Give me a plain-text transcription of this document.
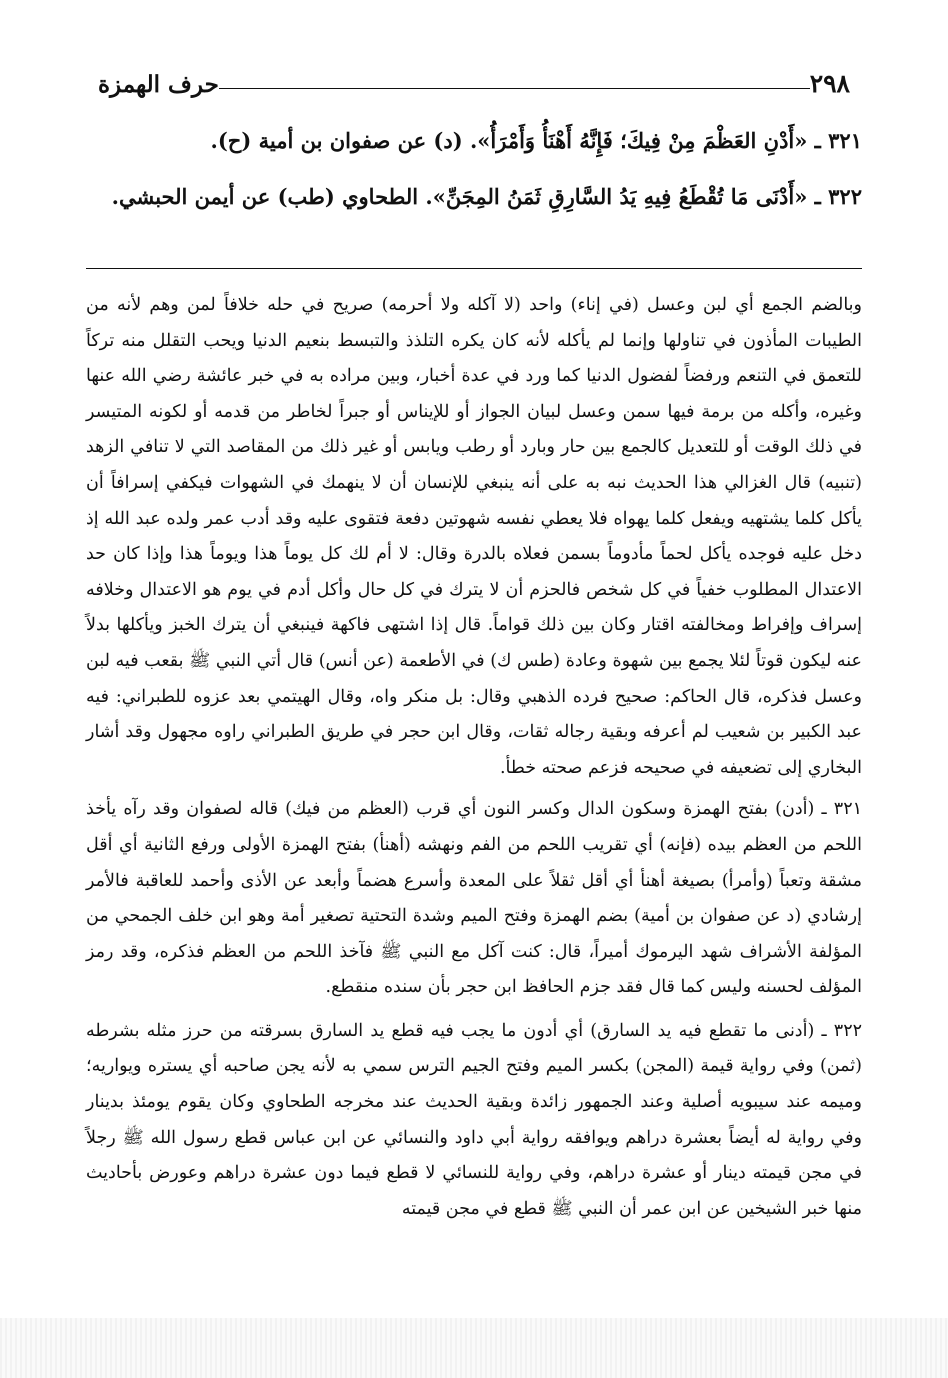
٢٩٨
حرف الهمزة

٣٢١ ـ «أَدْنِ العَظْمَ مِنْ فِيكَ؛ فَإِنَّهُ أَهْنَأُ وَأَمْرَأُ». (د) عن صفوان بن أمية (ح).

٣٢٢ ـ «أَدْنَى مَا تُقْطَعُ فِيهِ يَدُ السَّارِقِ ثَمَنُ المِجَنِّ». الطحاوي (طب) عن أيمن الحبشي.

وبالضم الجمع أي لبن وعسل (في إناء) واحد (لا آكله ولا أحرمه) صريح في حله خلافاً لمن وهم لأنه من الطيبات المأذون في تناولها وإنما لم يأكله لأنه كان يكره التلذذ والتبسط بنعيم الدنيا ويحب التقلل منه تركاً للتعمق في التنعم ورفضاً لفضول الدنيا كما ورد في عدة أخبار، وبين مراده به في خبر عائشة رضي الله عنها وغيره، وأكله من برمة فيها سمن وعسل لبيان الجواز أو للإيناس أو جبراً لخاطر من قدمه أو لكونه المتيسر في ذلك الوقت أو للتعديل كالجمع بين حار وبارد أو رطب ويابس أو غير ذلك من المقاصد التي لا تنافي الزهد (تنبيه) قال الغزالي هذا الحديث نبه به على أنه ينبغي للإنسان أن لا ينهمك في الشهوات فيكفي إسرافاً أن يأكل كلما يشتهيه ويفعل كلما يهواه فلا يعطي نفسه شهوتين دفعة فتقوى عليه وقد أدب عمر ولده عبد الله إذ دخل عليه فوجده يأكل لحماً مأدوماً بسمن فعلاه بالدرة وقال: لا أم لك كل يوماً هذا ويوماً هذا وإذا كان حد الاعتدال المطلوب خفياً في كل شخص فالحزم أن لا يترك في كل حال وأكل أدم في يوم هو الاعتدال وخلافه إسراف وإفراط ومخالفته اقتار وكان بين ذلك قواماً. قال إذا اشتهى فاكهة فينبغي أن يترك الخبز ويأكلها بدلاً عنه ليكون قوتاً لئلا يجمع بين شهوة وعادة (طس ك) في الأطعمة (عن أنس) قال أتي النبي ﷺ بقعب فيه لبن وعسل فذكره، قال الحاكم: صحيح فرده الذهبي وقال: بل منكر واه، وقال الهيتمي بعد عزوه للطبراني: فيه عبد الكبير بن شعيب لم أعرفه وبقية رجاله ثقات، وقال ابن حجر في طريق الطبراني راوه مجهول وقد أشار البخاري إلى تضعيفه في صحيحه فزعم صحته خطأ.

٣٢١ ـ (أدن) بفتح الهمزة وسكون الدال وكسر النون أي قرب (العظم من فيك) قاله لصفوان وقد رآه يأخذ اللحم من العظم بيده (فإنه) أي تقريب اللحم من الفم ونهشه (أهنأ) بفتح الهمزة الأولى ورفع الثانية أي أقل مشقة وتعباً (وأمرأ) بصيغة أهنأ أي أقل ثقلاً على المعدة وأسرع هضماً وأبعد عن الأذى وأحمد للعاقبة فالأمر إرشادي (د عن صفوان بن أمية) بضم الهمزة وفتح الميم وشدة التحتية تصغير أمة وهو ابن خلف الجمحي من المؤلفة الأشراف شهد اليرموك أميراً، قال: كنت آكل مع النبي ﷺ فآخذ اللحم من العظم فذكره، وقد رمز المؤلف لحسنه وليس كما قال فقد جزم الحافظ ابن حجر بأن سنده منقطع.

٣٢٢ ـ (أدنى ما تقطع فيه يد السارق) أي أدون ما يجب فيه قطع يد السارق بسرقته من حرز مثله بشرطه (ثمن) وفي رواية قيمة (المجن) بكسر الميم وفتح الجيم الترس سمي به لأنه يجن صاحبه أي يستره ويواريه؛ وميمه عند سيبويه أصلية وعند الجمهور زائدة وبقية الحديث عند مخرجه الطحاوي وكان يقوم يومئذ بدينار وفي رواية له أيضاً بعشرة دراهم ويوافقه رواية أبي داود والنسائي عن ابن عباس قطع رسول الله ﷺ رجلاً في مجن قيمته دينار أو عشرة دراهم، وفي رواية للنسائي لا قطع فيما دون عشرة دراهم وعورض بأحاديث منها خبر الشيخين عن ابن عمر أن النبي ﷺ قطع في مجن قيمته
